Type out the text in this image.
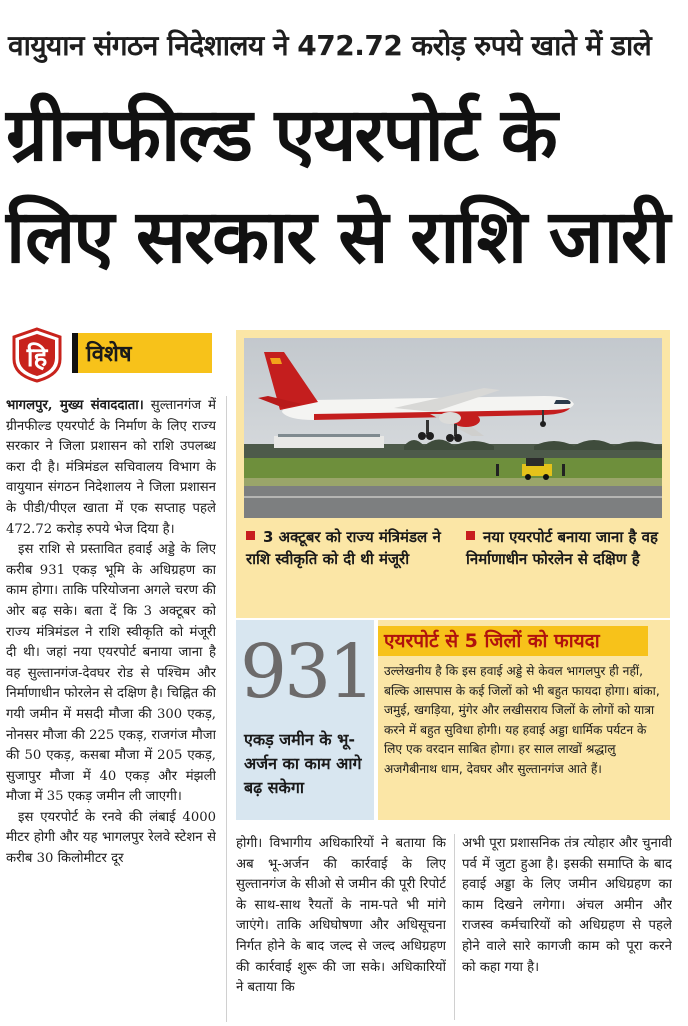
वायुयान संगठन निदेशालय ने 472.72 करोड़ रुपये खाते में डाले
ग्रीनफील्ड एयरपोर्ट के
लिए सरकार से राशि जारी
हि	विशेष

भागलपुर, मुख्य संवाददाता। सुल्तानगंज में ग्रीनफील्ड एयरपोर्ट के निर्माण के लिए राज्य सरकार ने जिला प्रशासन को राशि उपलब्ध करा दी है। मंत्रिमंडल सचिवालय विभाग के वायुयान संगठन निदेशालय ने जिला प्रशासन के पीडी/पीएल खाता में एक सप्ताह पहले 472.72 करोड़ रुपये भेज दिया है।

इस राशि से प्रस्तावित हवाई अड्डे के लिए करीब 931 एकड़ भूमि के अधिग्रहण का काम होगा। ताकि परियोजना अगले चरण की ओर बढ़ सके। बता दें कि 3 अक्टूबर को राज्य मंत्रिमंडल ने राशि स्वीकृति को मंजूरी दी थी। जहां नया एयरपोर्ट बनाया जाना है वह सुल्तानगंज-देवघर रोड से पश्चिम और निर्माणाधीन फोरलेन से दक्षिण है। चिह्नित की गयी जमीन में मसदी मौजा की 300 एकड़, नोनसर मौजा की 225 एकड़, राजगंज मौजा की 50 एकड़, कसबा मौजा में 205 एकड़, सुजापुर मौजा में 40 एकड़ और मंझली मौजा में 35 एकड़ जमीन ली जाएगी।

इस एयरपोर्ट के रनवे की लंबाई 4000 मीटर होगी और यह भागलपुर रेलवे स्टेशन से करीब 30 किलोमीटर दूर

3 अक्टूबर को राज्य मंत्रिमंडल ने राशि स्वीकृति को दी थी मंजूरी
नया एयरपोर्ट बनाया जाना है वह निर्माणाधीन फोरलेन से दक्षिण है
931
एकड़ जमीन के भू-अर्जन का काम आगे बढ़ सकेगा
एयरपोर्ट से 5 जिलों को फायदा
उल्लेखनीय है कि इस हवाई अड्डे से केवल भागलपुर ही नहीं, बल्कि आसपास के कई जिलों को भी बहुत फायदा होगा। बांका, जमुई, खगड़िया, मुंगेर और लखीसराय जिलों के लोगों को यात्रा करने में बहुत सुविधा होगी। यह हवाई अड्डा धार्मिक पर्यटन के लिए एक वरदान साबित होगा। हर साल लाखों श्रद्धालु अजगैबीनाथ धाम, देवघर और सुल्तानगंज आते हैं।
होगी। विभागीय अधिकारियों ने बताया कि अब भू-अर्जन की कार्रवाई के लिए सुल्तानगंज के सीओ से जमीन की पूरी रिपोर्ट के साथ-साथ रैयतों के नाम-पते भी मांगे जाएंगे। ताकि अधिघोषणा और अधिसूचना निर्गत होने के बाद जल्द से जल्द अधिग्रहण की कार्रवाई शुरू की जा सके। अधिकारियों ने बताया कि
अभी पूरा प्रशासनिक तंत्र त्योहार और चुनावी पर्व में जुटा हुआ है। इसकी समाप्ति के बाद हवाई अड्डा के लिए जमीन अधिग्रहण का काम दिखने लगेगा। अंचल अमीन और राजस्व कर्मचारियों को अधिग्रहण से पहले होने वाले सारे कागजी काम को पूरा करने को कहा गया है।
